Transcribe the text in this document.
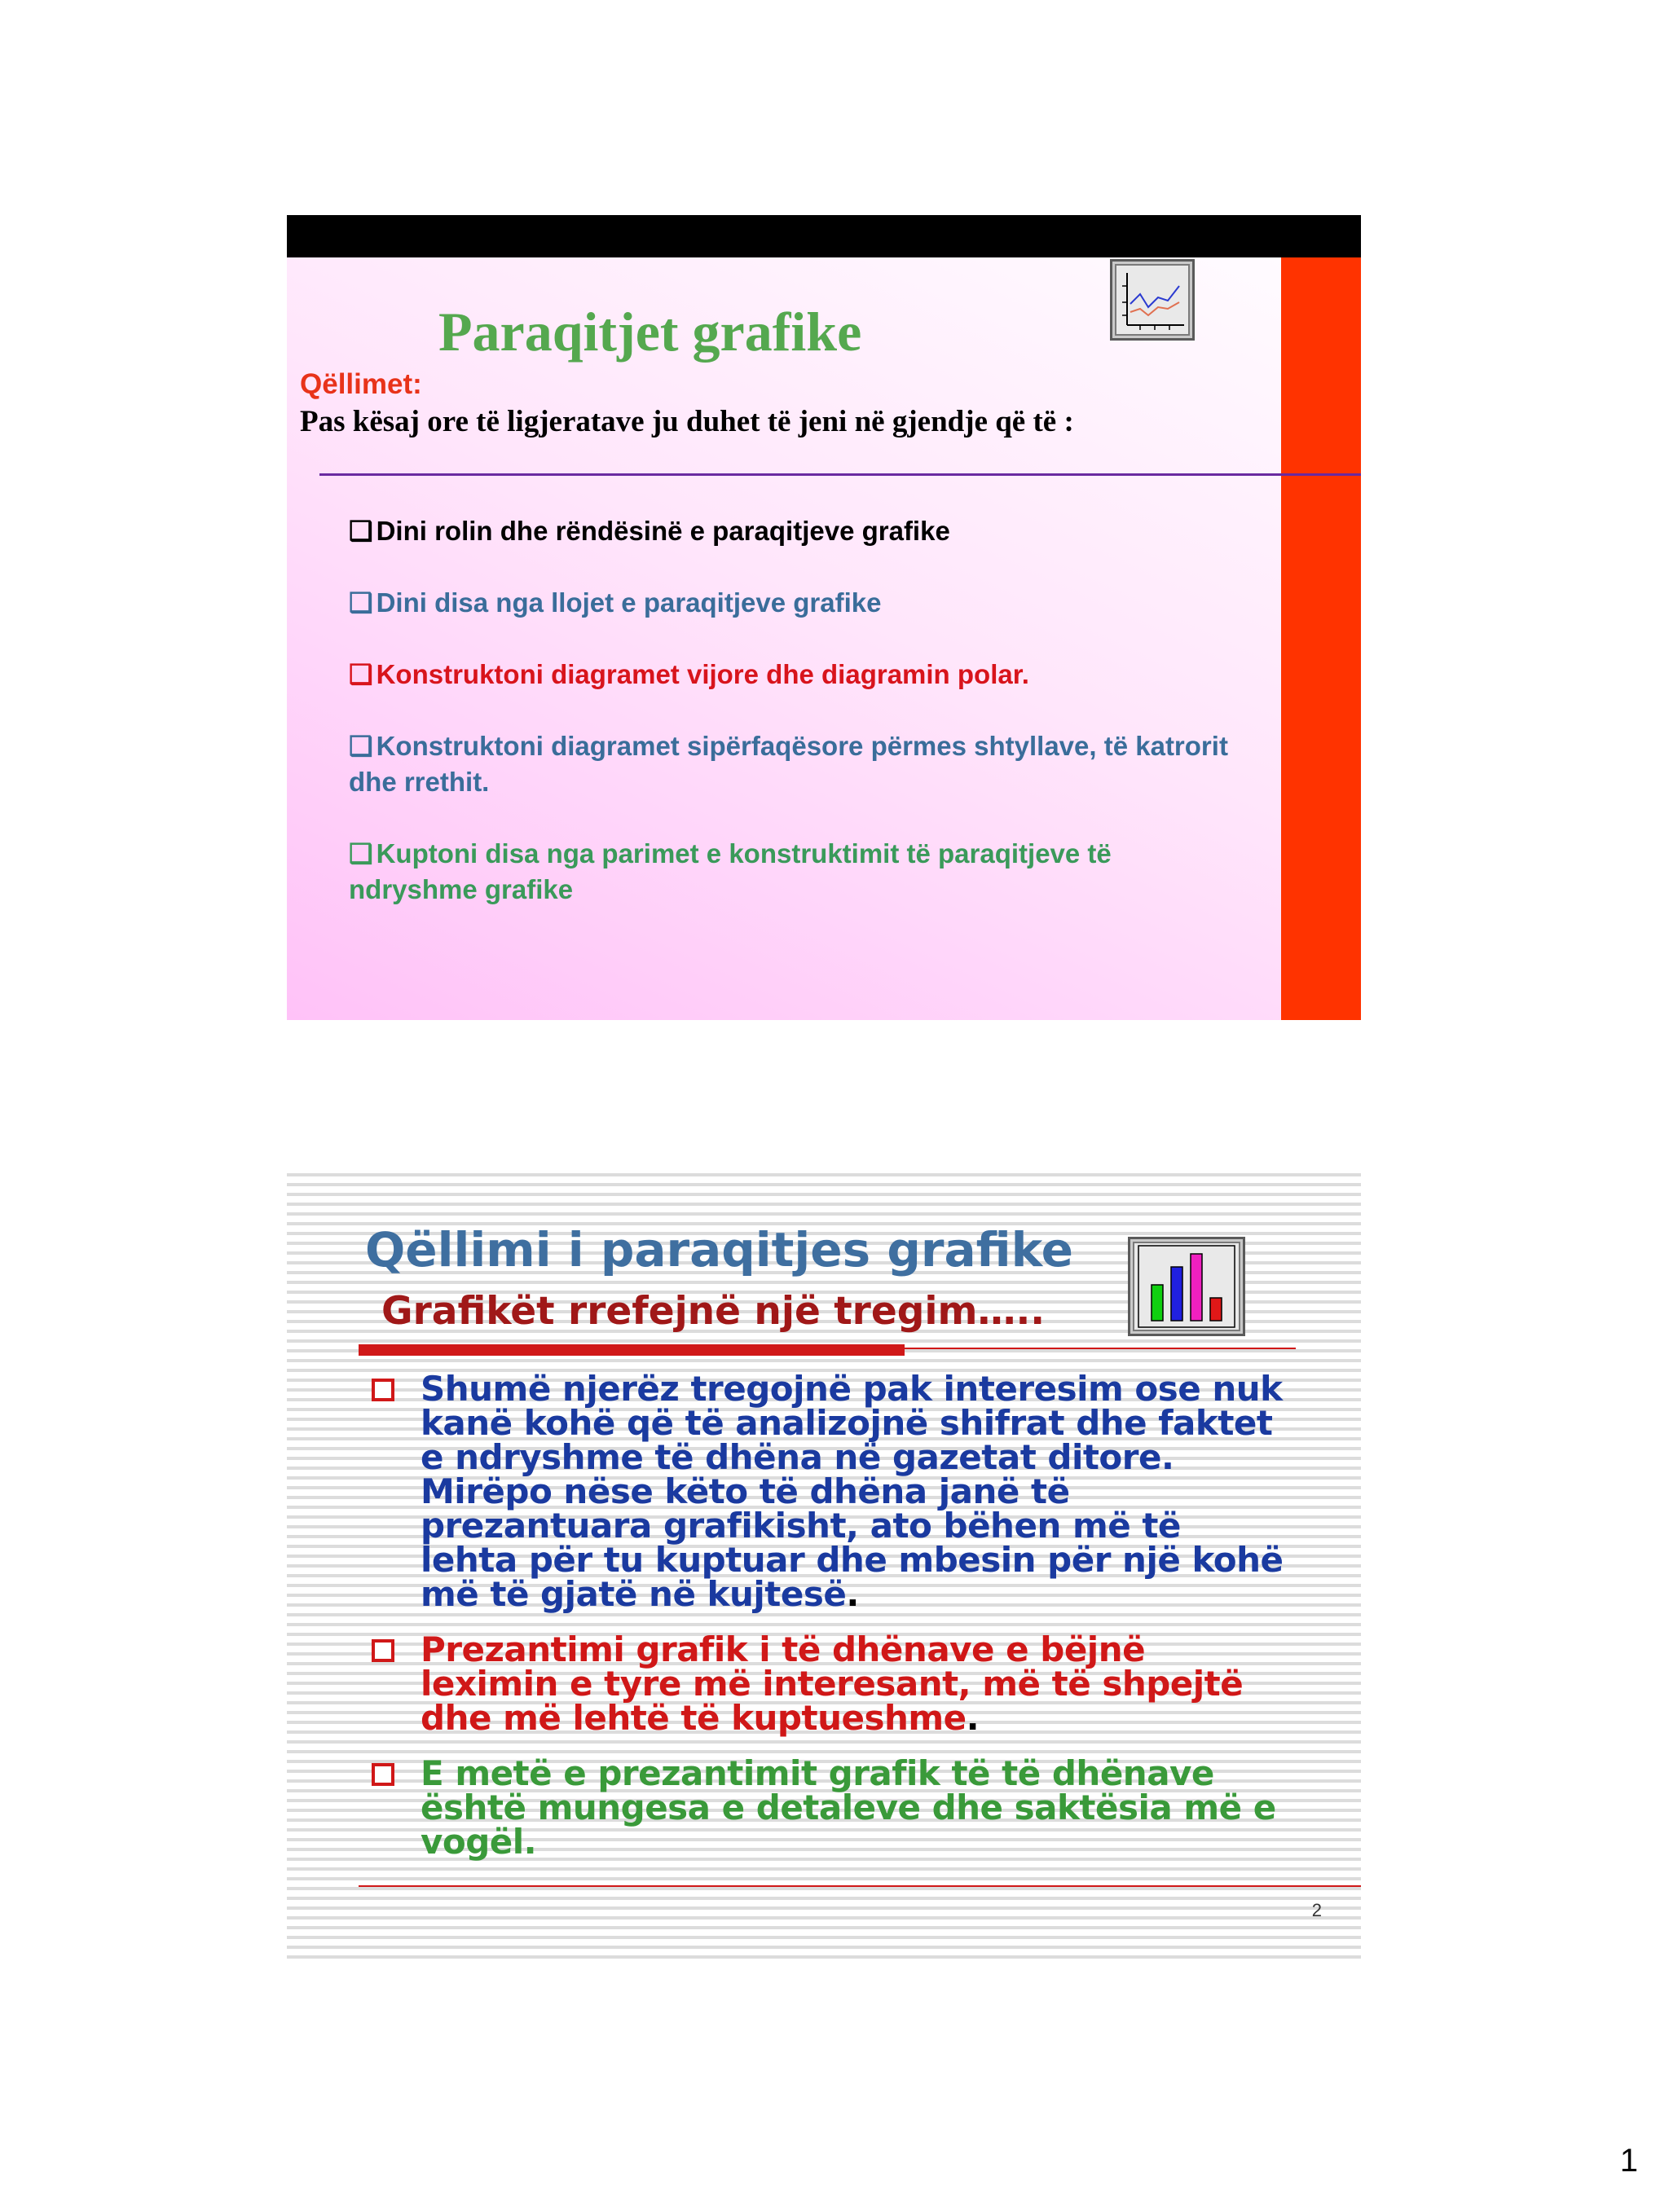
Paraqitjet grafike
Qëllimet:
Pas kësaj ore të ligjeratave ju duhet të jeni në gjendje që të :
❑ Dini rolin dhe rëndësinë e paraqitjeve grafike
❑ Dini disa nga llojet e paraqitjeve grafike
❑ Konstruktoni diagramet vijore dhe diagramin polar.
❑ Konstruktoni diagramet sipërfaqësore përmes shtyllave, të katrorit dhe rrethit.
❑ Kuptoni disa nga parimet e konstruktimit të paraqitjeve të ndryshme grafike
Qëllimi i paraqitjes grafike
Grafikët rrefejnë një tregim…..
Shumë njerëz tregojnë pak interesim ose nuk kanë kohë që të analizojnë shifrat dhe faktet e ndryshme të dhëna në gazetat ditore. Mirëpo nëse këto të dhëna janë të prezantuara grafikisht, ato bëhen më të lehta për tu kuptuar dhe mbesin për një kohë më të gjatë në kujtesë.
Prezantimi grafik i të dhënave e bëjnë leximin e tyre më interesant, më të shpejtë dhe më lehtë të kuptueshme.
E metë e prezantimit grafik të të dhënave është mungesa e detaleve dhe saktësia më e vogël.
2
1
